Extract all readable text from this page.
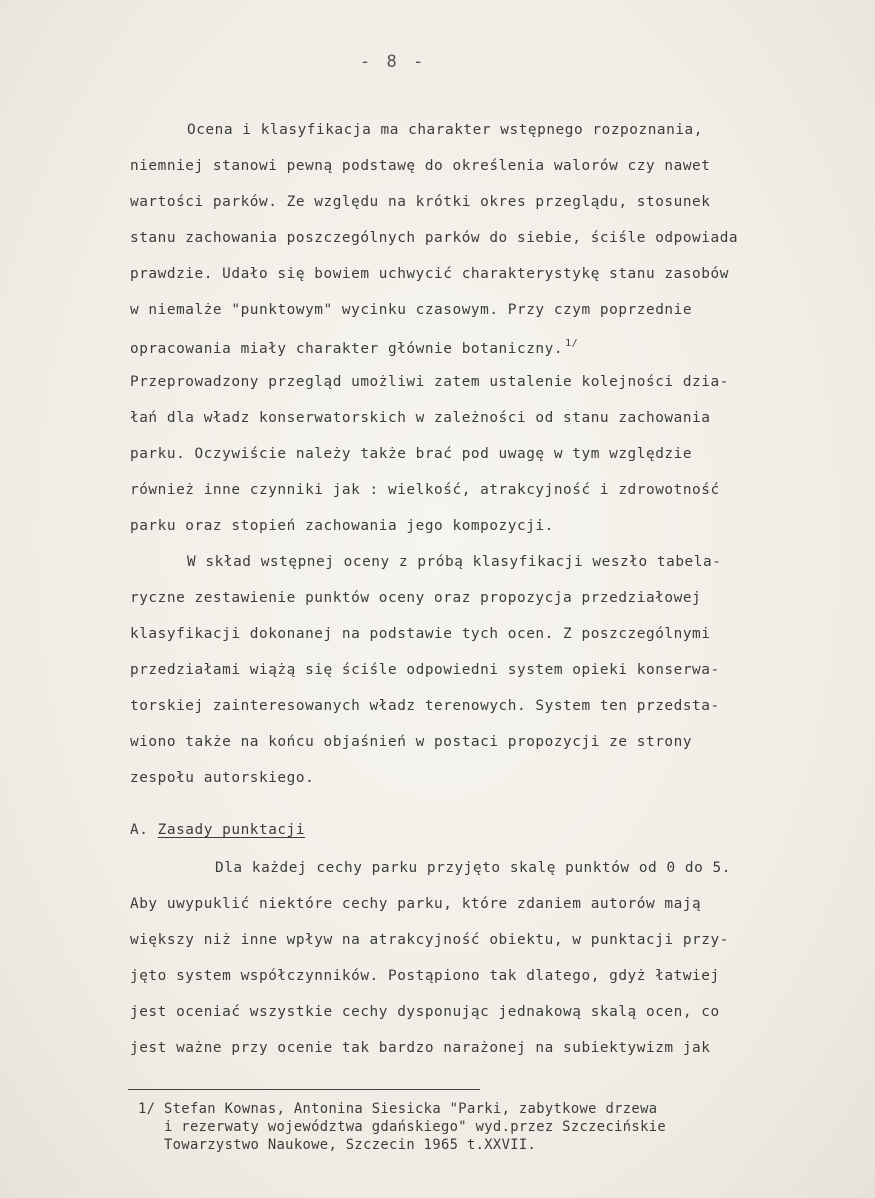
- 8 -
Ocena i klasyfikacja ma charakter wstępnego rozpoznania,
niemniej stanowi pewną podstawę do określenia walorów czy nawet
wartości parków. Ze względu na krótki okres przeglądu, stosunek
stanu zachowania poszczególnych parków do siebie, ściśle odpowiada
prawdzie. Udało się bowiem uchwycić charakterystykę stanu zasobów
w niemalże "punktowym" wycinku czasowym. Przy czym poprzednie
opracowania miały charakter głównie botaniczny. $^{1/}$
Przeprowadzony przegląd umożliwi zatem ustalenie kolejności dzia-
łań dla władz konserwatorskich w zależności od stanu zachowania
parku. Oczywiście należy także brać pod uwagę w tym względzie
również inne czynniki jak : wielkość, atrakcyjność i zdrowotność
parku oraz stopień zachowania jego kompozycji.
W skład wstępnej oceny z próbą klasyfikacji weszło tabela-
ryczne zestawienie punktów oceny oraz propozycja przedziałowej
klasyfikacji dokonanej na podstawie tych ocen. Z poszczególnymi
przedziałami wiążą się ściśle odpowiedni system opieki konserwa-
torskiej zainteresowanych władz terenowych. System ten przedsta-
wiono także na końcu objaśnień w postaci propozycji ze strony
zespołu autorskiego.
A. Zasady punktacji
Dla każdej cechy parku przyjęto skalę punktów od 0 do 5.
Aby uwypuklić niektóre cechy parku, które zdaniem autorów mają
większy niż inne wpływ na atrakcyjność obiektu, w punktacji przy-
jęto system współczynników. Postąpiono tak dlatego, gdyż łatwiej
jest oceniać wszystkie cechy dysponując jednakową skalą ocen, co
jest ważne przy ocenie tak bardzo narażonej na subiektywizm jak
1/ Stefan Kownas, Antonina Siesicka "Parki, zabytkowe drzewa
i rezerwaty województwa gdańskiego" wyd.przez Szczecińskie
Towarzystwo Naukowe, Szczecin 1965 t.XXVII.
